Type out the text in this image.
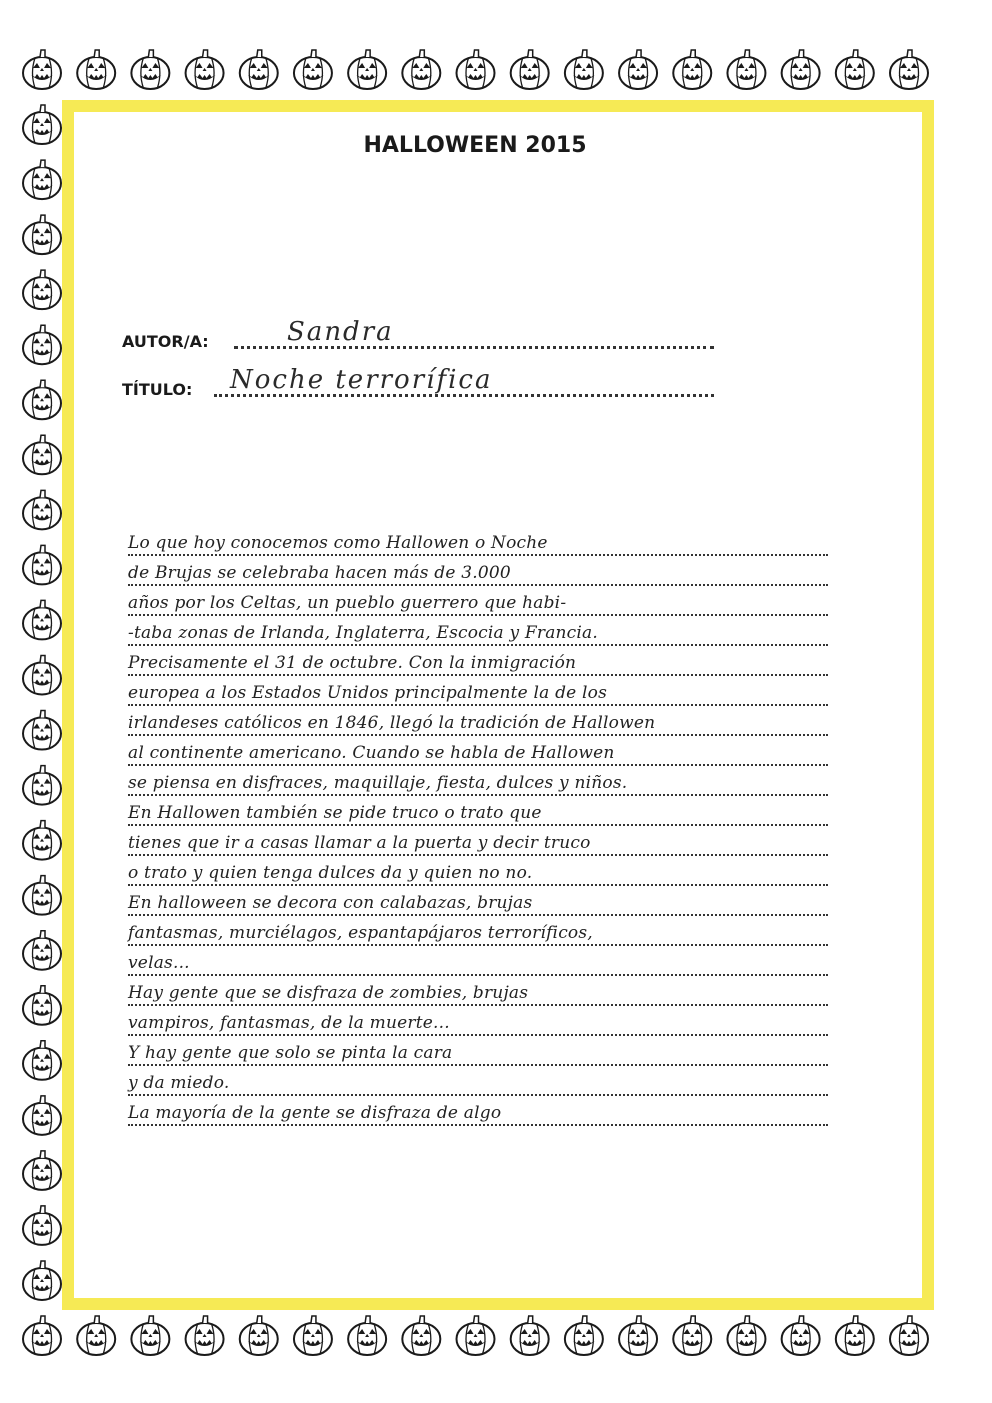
HALLOWEEN 2015
AUTOR/A:	Sandra
TÍTULO: Noche terrorífica
Lo que hoy conocemos como Hallowen o Noche
de Brujas se celebraba hacen más de 3.000
años por los Celtas, un pueblo guerrero que habi-
-taba zonas de Irlanda, Inglaterra, Escocia y Francia.
Precisamente el 31 de octubre. Con la inmigración
europea a los Estados Unidos principalmente la de los
irlandeses católicos en 1846, llegó la tradición de Hallowen
al continente americano. Cuando se habla de Hallowen
se piensa en disfraces, maquillaje, fiesta, dulces y niños.
En Hallowen también se pide truco o trato que
tienes que ir a casas llamar a la puerta y decir truco
o trato y quien tenga dulces da y quien no no.
En halloween se decora con calabazas, brujas
fantasmas, murciélagos, espantapájaros terroríficos,
velas...
Hay gente que se disfraza de zombies, brujas
vampiros, fantasmas, de la muerte...
Y hay gente que solo se pinta la cara
y da miedo.
La mayoría de la gente se disfraza de algo
